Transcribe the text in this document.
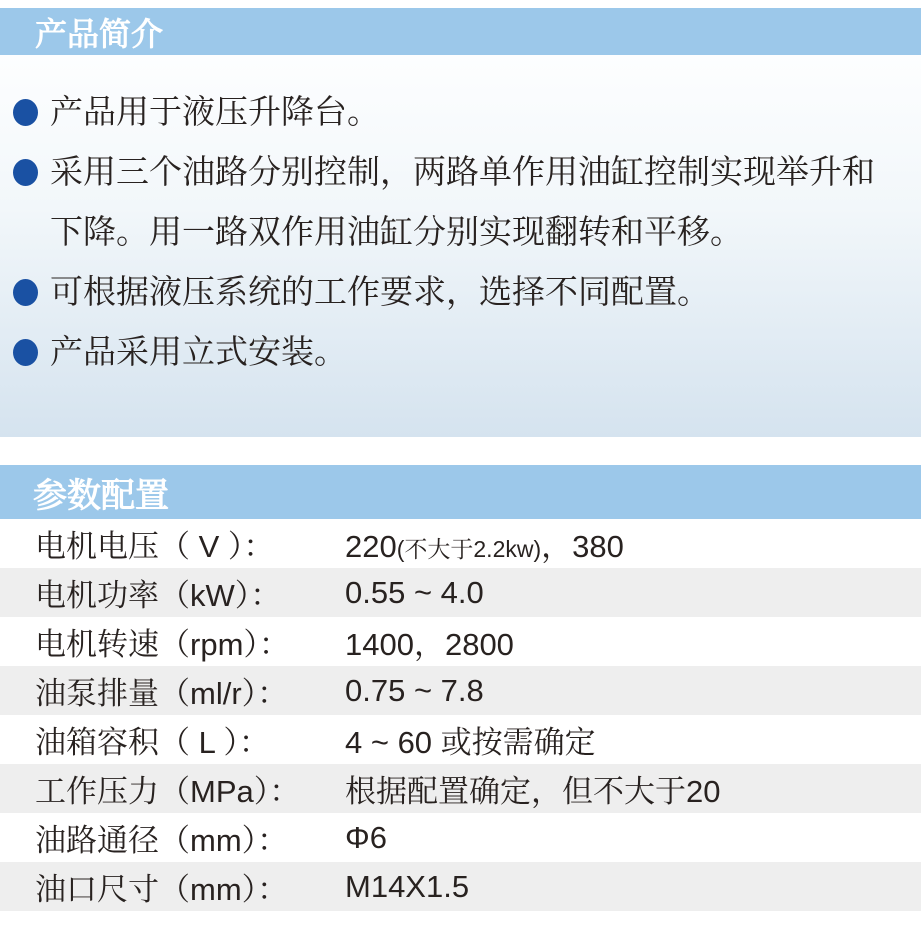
产品简介
产品用于液压升降台。
采用三个油路分别控制，两路单作用油缸控制实现举升和
下降。用一路双作用油缸分别实现翻转和平移。
可根据液压系统的工作要求，选择不同配置。
产品采用立式安装。
参数配置
电机电压（ V ）：	220(不大于2.2kw)，380
电机功率（kW）：	0.55 ~ 4.0
电机转速（rpm）：	1400，2800
油泵排量（ml/r）：	0.75 ~ 7.8
油箱容积（ L ）：	4 ~ 60 或按需确定
工作压力（MPa）：	根据配置确定，但不大于20
油路通径（mm）：	Φ6
油口尺寸（mm）：	M14X1.5
